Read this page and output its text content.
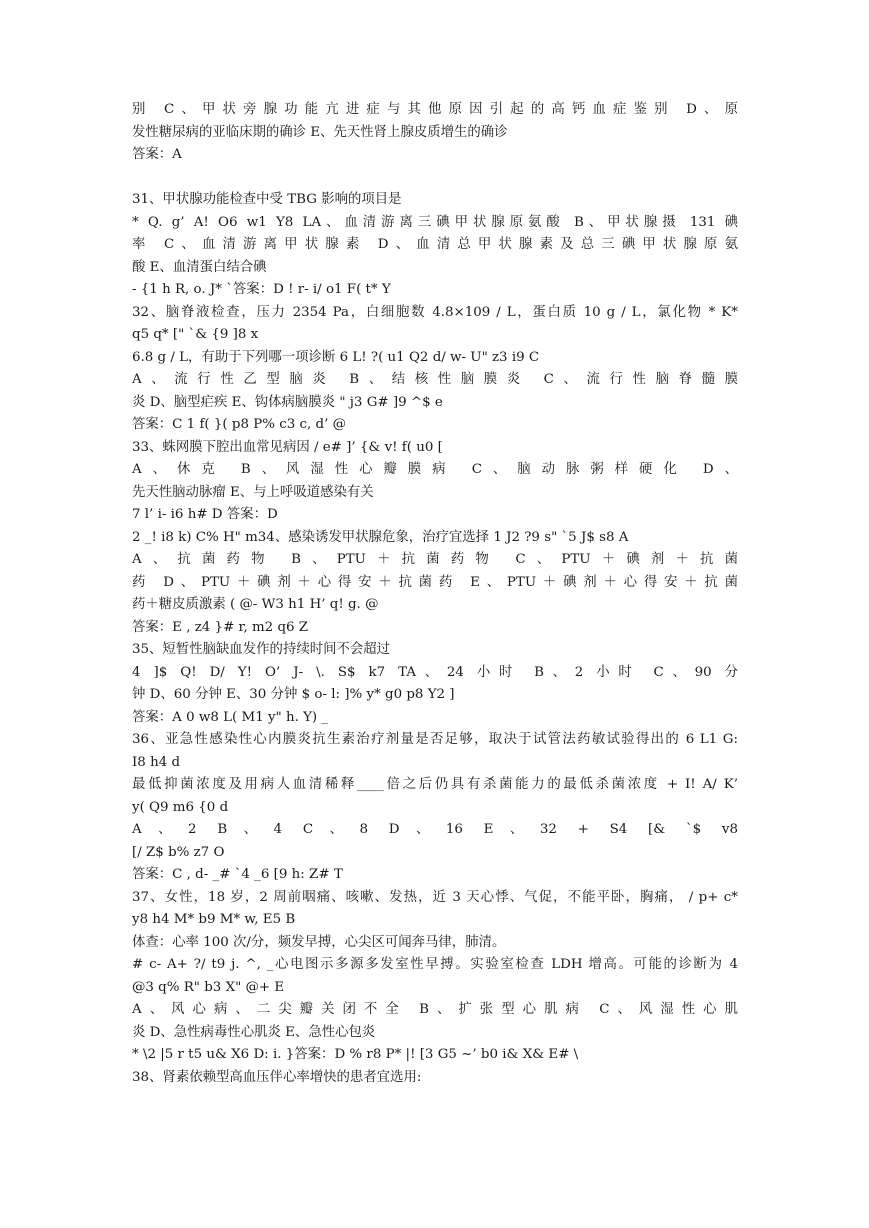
别 C、甲状旁腺功能亢进症与其他原因引起的高钙血症鉴别 D、原
发性糖尿病的亚临床期的确诊 E、先天性肾上腺皮质增生的确诊
答案：A
31、甲状腺功能检查中受 TBG 影响的项目是
* Q. g’ A! O6 w1 Y8 LA、血清游离三碘甲状腺原氨酸 B、甲状腺摄 131 碘
率 C、血清游离甲状腺素 D、血清总甲状腺素及总三碘甲状腺原氨
酸 E、血清蛋白结合碘
- {1 h R, o. J* `答案：D ! r- i/ o1 F( t* Y
32、脑脊液检查，压力 2354 Pa，白细胞数 4.8×109 / L，蛋白质 10 g / L，氯化物 * K*
q5 q* [" `& {9 ]8 x
6.8 g / L，有助于下列哪一项诊断 6 L! ?( u1 Q2 d/ w- U" z3 i9 C
A、流行性乙型脑炎 B、结核性脑膜炎 C、流行性脑脊髓膜
炎 D、脑型疟疾 E、钩体病脑膜炎 " j3 G# ]9 ^$ e
答案：C 1 f( }( p8 P% c3 c, d’ @
33、蛛网膜下腔出血常见病因 / e# ]’ {& v! f( u0 [
A、休克 B、风湿性心瓣膜病 C、脑动脉粥样硬化 D、
先天性脑动脉瘤 E、与上呼吸道感染有关
7 l’ i- i6 h# D 答案：D
2 _! i8 k) C% H" m34、感染诱发甲状腺危象，治疗宜选择 1 J2 ?9 s" `5 J$ s8 A
A、抗菌药物 B、PTU＋抗菌药物 C、PTU＋碘剂＋抗菌
药 D、PTU＋碘剂＋心得安＋抗菌药 E、PTU＋碘剂＋心得安＋抗菌
药＋糖皮质激素 ( @- W3 h1 H’ q! g. @
答案：E , z4 }# r, m2 q6 Z
35、短暂性脑缺血发作的持续时间不会超过
4 ]$ Q! D/ Y! O’ J- \. S$ k7 TA、24 小时 B、2 小时 C、90 分
钟 D、60 分钟 E、30 分钟 $ o- l: ]% y* g0 p8 Y2 ]
答案：A 0 w8 L( M1 y" h. Y) _
36、亚急性感染性心内膜炎抗生素治疗剂量是否足够，取决于试管法药敏试验得出的 6 L1 G:
I8 h4 d
最低抑菌浓度及用病人血清稀释____倍之后仍具有杀菌能力的最低杀菌浓度 + I! A/ K’
y( Q9 m6 {0 d
A、2 B、4 C、8 D、16 E、32 + S4 [& `$ v8
[/ Z$ b% z7 O
答案：C , d- _# `4 _6 [9 h: Z# T
37、女性，18 岁，2 周前咽痛、咳嗽、发热，近 3 天心悸、气促，不能平卧，胸痛， / p+ c*
y8 h4 M* b9 M* w, E5 B
体查：心率 100 次/分，频发早搏，心尖区可闻奔马律，肺清。
# c- A+ ?/ t9 j. ^, _心电图示多源多发室性早搏。实验室检查 LDH 增高。可能的诊断为 4
@3 q% R" b3 X" @+ E
A、风心病、二尖瓣关闭不全 B、扩张型心肌病 C、风湿性心肌
炎 D、急性病毒性心肌炎 E、急性心包炎
* \2 |5 r t5 u& X6 D: i. }答案：D % r8 P* |! [3 G5 ~’ b0 i& X& E# \
38、肾素依赖型高血压伴心率增快的患者宜选用:
